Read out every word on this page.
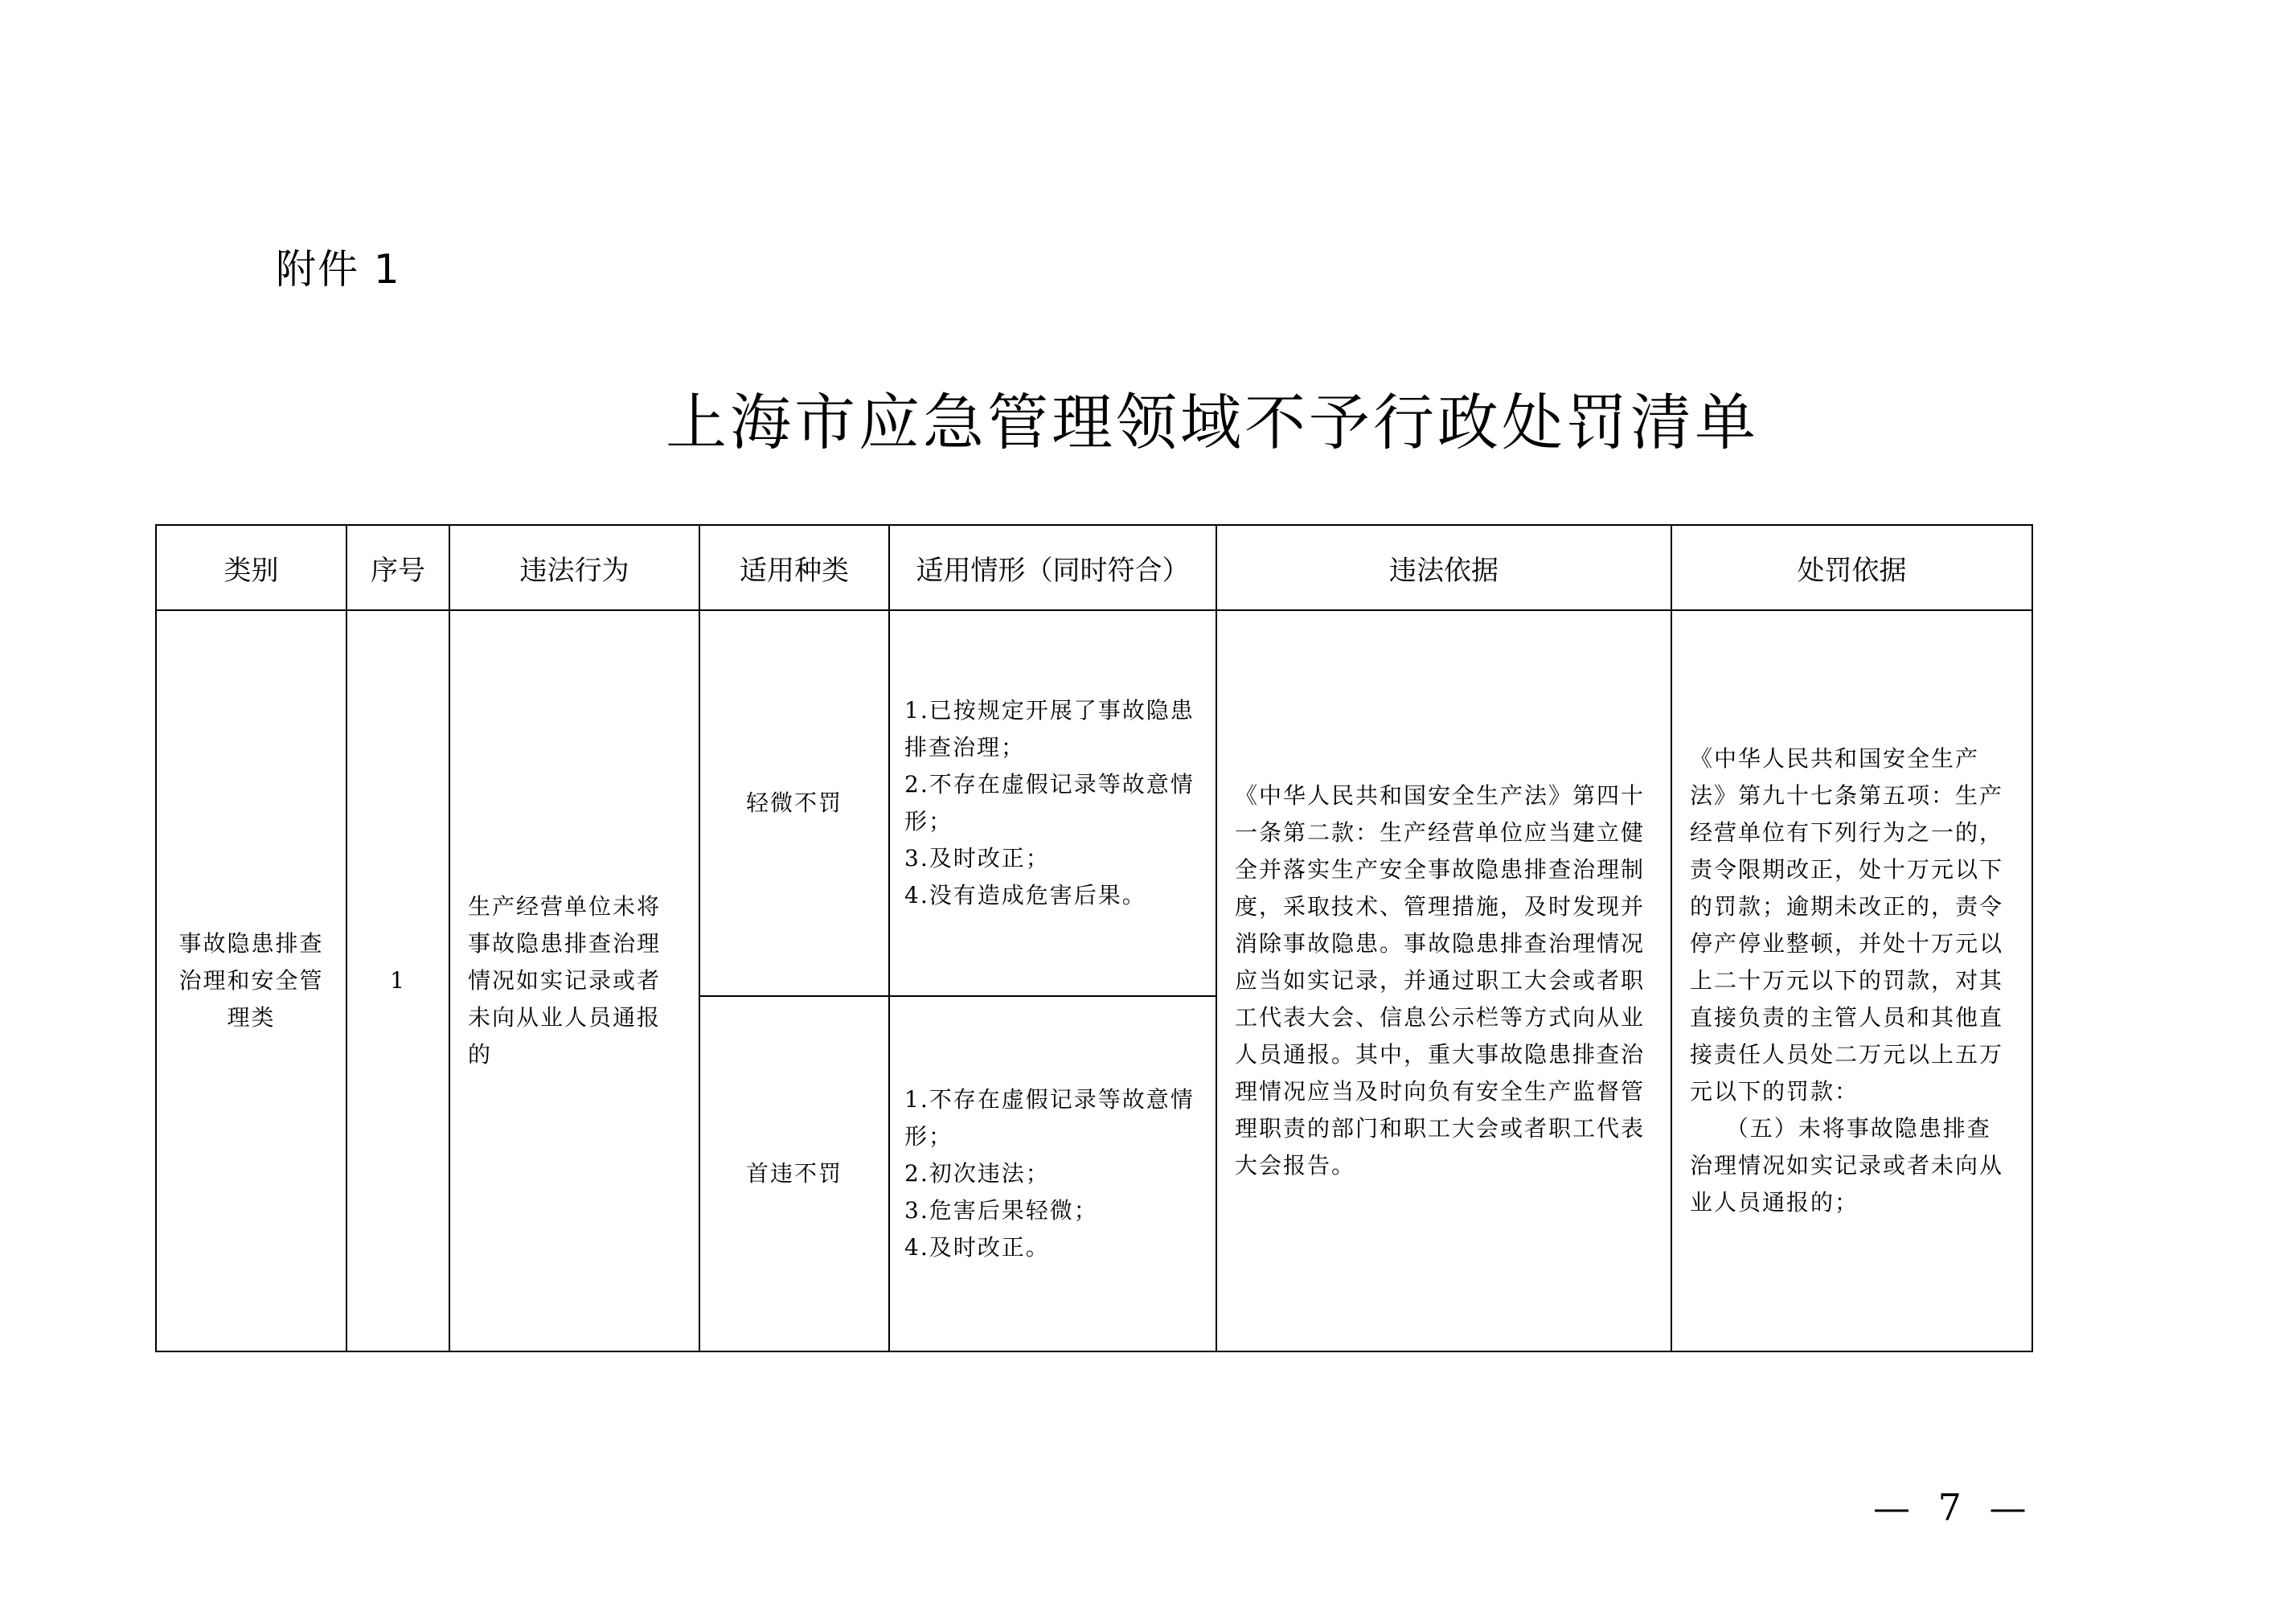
附件 1
上海市应急管理领域不予行政处罚清单
类别	序号	违法行为	适用种类	适用情形（同时符合）	违法依据	处罚依据
事故隐患排查治理和安全管理类	1	生产经营单位未将事故隐患排查治理情况如实记录或者未向从业人员通报的	轻微不罚	1.已按规定开展了事故隐患排查治理；
2.不存在虚假记录等故意情形；
3.及时改正；
4.没有造成危害后果。	《中华人民共和国安全生产法》第四十一条第二款：生产经营单位应当建立健全并落实生产安全事故隐患排查治理制度，采取技术、管理措施，及时发现并消除事故隐患。事故隐患排查治理情况应当如实记录，并通过职工大会或者职工代表大会、信息公示栏等方式向从业人员通报。其中，重大事故隐患排查治理情况应当及时向负有安全生产监督管理职责的部门和职工大会或者职工代表大会报告。	《中华人民共和国安全生产法》第九十七条第五项：生产经营单位有下列行为之一的，责令限期改正，处十万元以下的罚款；逾期未改正的，责令停产停业整顿，并处十万元以上二十万元以下的罚款，对其直接负责的主管人员和其他直接责任人员处二万元以上五万元以下的罚款：
（五）未将事故隐患排查治理情况如实记录或者未向从业人员通报的；

			首违不罚	1.不存在虚假记录等故意情形；
2.初次违法；
3.危害后果轻微；
4.及时改正。		
— 7 —
